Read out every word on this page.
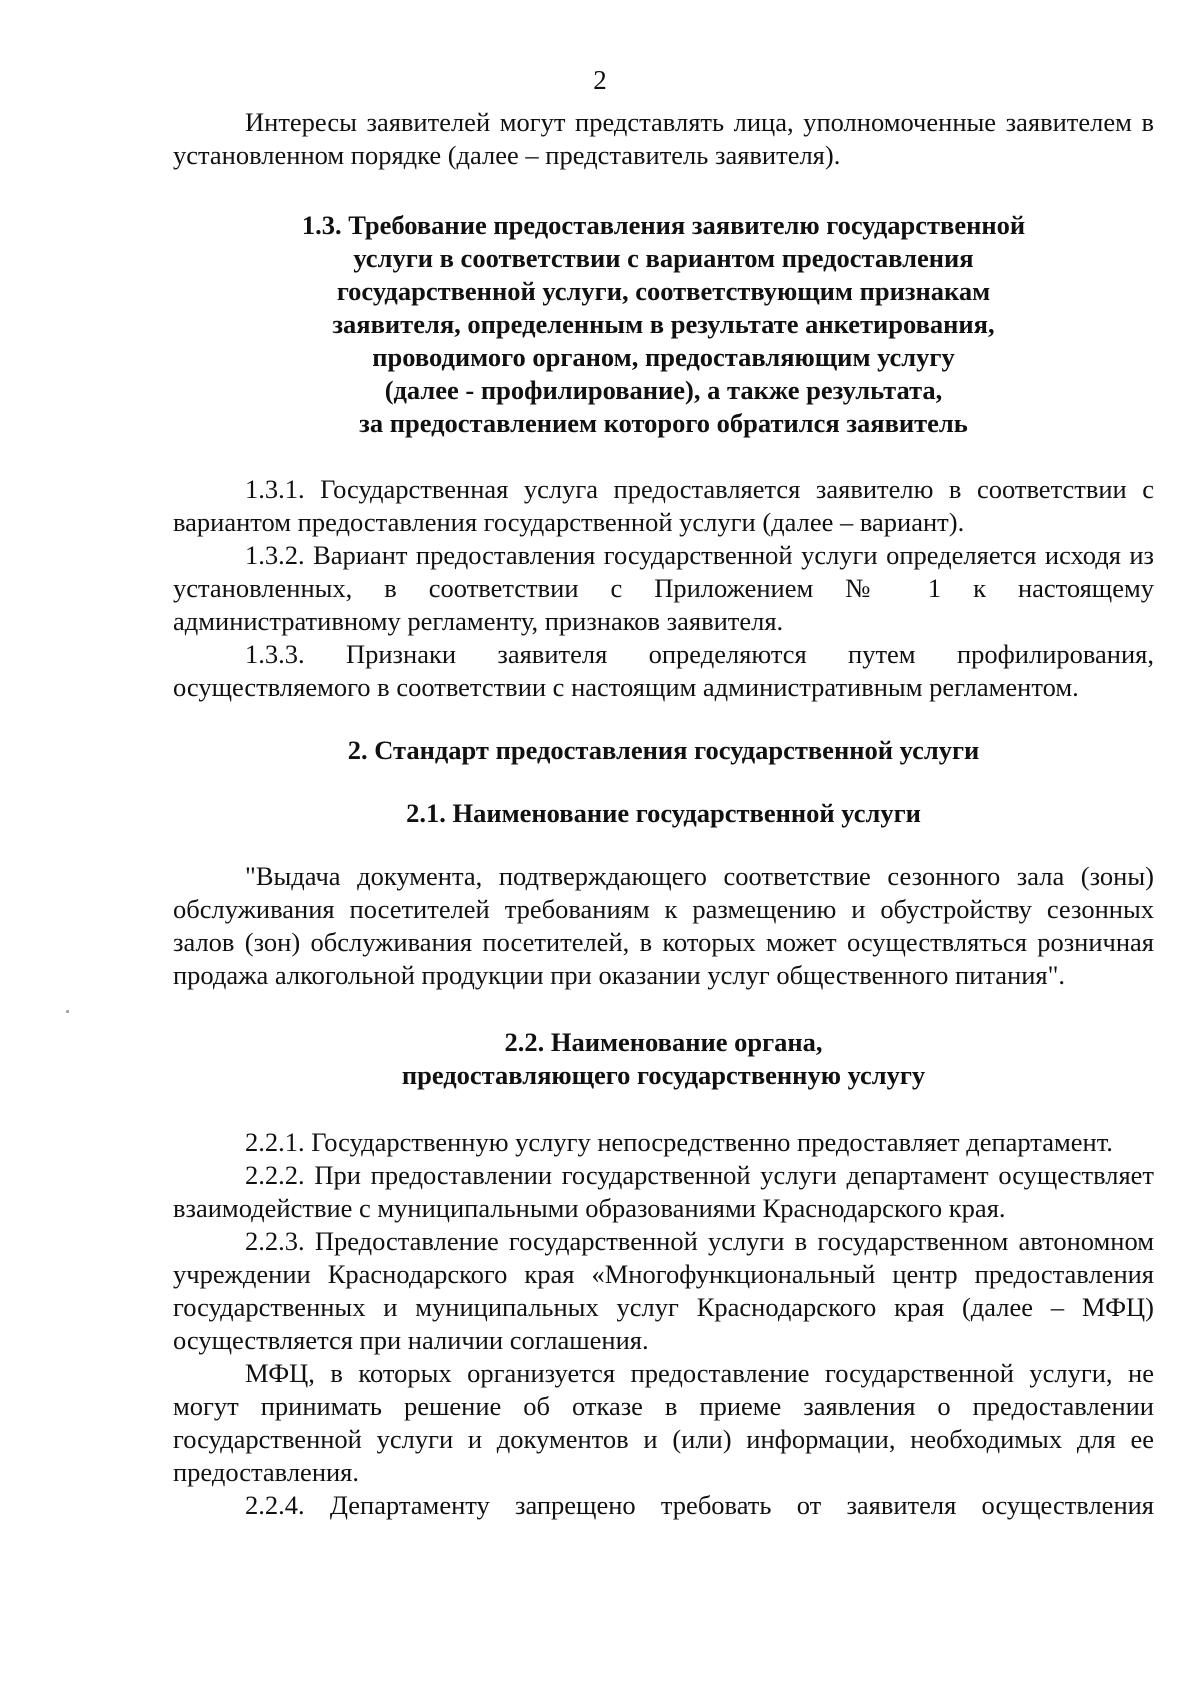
2

Интересы заявителей могут представлять лица, уполномоченные заявителем в установленном порядке (далее – представитель заявителя).

1.3. Требование предоставления заявителю государственной
услуги в соответствии с вариантом предоставления
государственной услуги, соответствующим признакам
заявителя, определенным в результате анкетирования,
проводимого органом, предоставляющим услугу
(далее - профилирование), а также результата,
за предоставлением которого обратился заявитель

1.3.1. Государственная услуга предоставляется заявителю в соответствии с вариантом предоставления государственной услуги (далее – вариант).

1.3.2. Вариант предоставления государственной услуги определяется исходя из установленных, в соответствии с Приложением № 1 к настоящему административному регламенту, признаков заявителя.

1.3.3. Признаки заявителя определяются путем профилирования, осуществляемого в соответствии с настоящим административным регламентом.

2. Стандарт предоставления государственной услуги
2.1. Наименование государственной услуги

"Выдача документа, подтверждающего соответствие сезонного зала (зоны) обслуживания посетителей требованиям к размещению и обустройству сезонных залов (зон) обслуживания посетителей, в которых может осуществляться розничная продажа алкогольной продукции при оказании услуг общественного питания".

2.2. Наименование органа,
предоставляющего государственную услугу

2.2.1. Государственную услугу непосредственно предоставляет департамент.

2.2.2. При предоставлении государственной услуги департамент осуществляет взаимодействие с муниципальными образованиями Краснодарского края.

2.2.3. Предоставление государственной услуги в государственном автономном учреждении Краснодарского края «Многофункциональный центр предоставления государственных и муниципальных услуг Краснодарского края (далее – МФЦ) осуществляется при наличии соглашения.

МФЦ, в которых организуется предоставление государственной услуги, не могут принимать решение об отказе в приеме заявления о предоставлении государственной услуги и документов и (или) информации, необходимых для ее предоставления.

2.2.4. Департаменту запрещено требовать от заявителя осуществления
